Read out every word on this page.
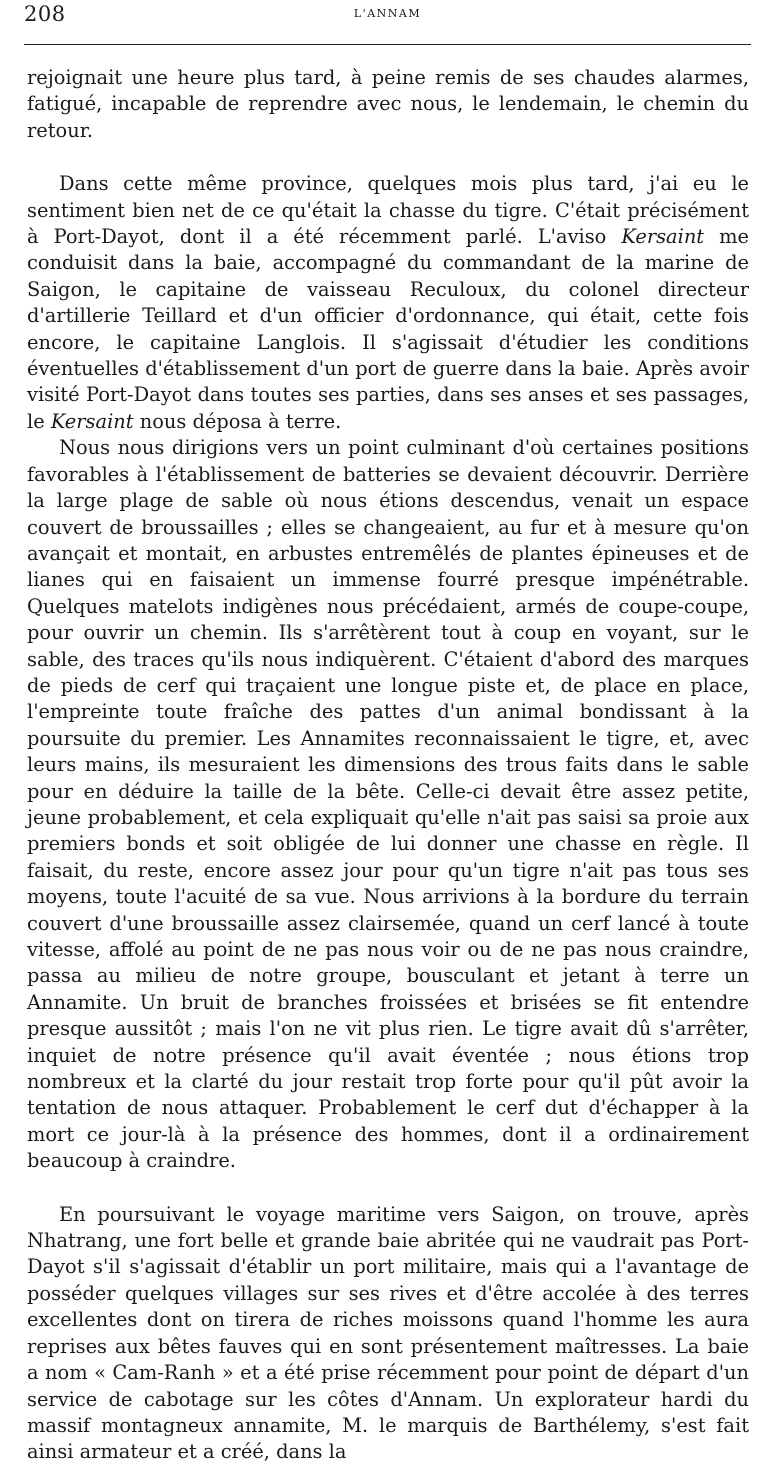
208	L'ANNAM

rejoignait une heure plus tard, à peine remis de ses chaudes alarmes, fatigué, incapable de reprendre avec nous, le lendemain, le chemin du retour.

Dans cette même province, quelques mois plus tard, j'ai eu le sentiment bien net de ce qu'était la chasse du tigre. C'était précisément à Port-Dayot, dont il a été récemment parlé. L'aviso Kersaint me conduisit dans la baie, accompagné du commandant de la marine de Saigon, le capitaine de vaisseau Reculoux, du colonel directeur d'artillerie Teillard et d'un officier d'ordonnance, qui était, cette fois encore, le capitaine Langlois. Il s'agissait d'étudier les conditions éventuelles d'établissement d'un port de guerre dans la baie. Après avoir visité Port-Dayot dans toutes ses parties, dans ses anses et ses passages, le Kersaint nous déposa à terre.

Nous nous dirigions vers un point culminant d'où certaines positions favorables à l'établissement de batteries se devaient découvrir. Derrière la large plage de sable où nous étions descendus, venait un espace couvert de broussailles ; elles se changeaient, au fur et à mesure qu'on avançait et montait, en arbustes entremêlés de plantes épineuses et de lianes qui en faisaient un immense fourré presque impénétrable. Quelques matelots indigènes nous précédaient, armés de coupe-coupe, pour ouvrir un chemin. Ils s'arrêtèrent tout à coup en voyant, sur le sable, des traces qu'ils nous indiquèrent. C'étaient d'abord des marques de pieds de cerf qui traçaient une longue piste et, de place en place, l'empreinte toute fraîche des pattes d'un animal bondissant à la poursuite du premier. Les Annamites reconnaissaient le tigre, et, avec leurs mains, ils mesuraient les dimensions des trous faits dans le sable pour en déduire la taille de la bête. Celle-ci devait être assez petite, jeune probablement, et cela expliquait qu'elle n'ait pas saisi sa proie aux premiers bonds et soit obligée de lui donner une chasse en règle. Il faisait, du reste, encore assez jour pour qu'un tigre n'ait pas tous ses moyens, toute l'acuité de sa vue. Nous arrivions à la bordure du terrain couvert d'une broussaille assez clairsemée, quand un cerf lancé à toute vitesse, affolé au point de ne pas nous voir ou de ne pas nous craindre, passa au milieu de notre groupe, bousculant et jetant à terre un Annamite. Un bruit de branches froissées et brisées se fit entendre presque aussitôt ; mais l'on ne vit plus rien. Le tigre avait dû s'arrêter, inquiet de notre présence qu'il avait éventée ; nous étions trop nombreux et la clarté du jour restait trop forte pour qu'il pût avoir la tentation de nous attaquer. Probablement le cerf dut d'échapper à la mort ce jour-là à la présence des hommes, dont il a ordinairement beaucoup à craindre.

En poursuivant le voyage maritime vers Saigon, on trouve, après Nhatrang, une fort belle et grande baie abritée qui ne vaudrait pas Port-Dayot s'il s'agissait d'établir un port militaire, mais qui a l'avantage de posséder quelques villages sur ses rives et d'être accolée à des terres excellentes dont on tirera de riches moissons quand l'homme les aura reprises aux bêtes fauves qui en sont présentement maîtresses. La baie a nom « Cam-Ranh » et a été prise récemment pour point de départ d'un service de cabotage sur les côtes d'Annam. Un explorateur hardi du massif montagneux annamite, M. le marquis de Barthélemy, s'est fait ainsi armateur et a créé, dans la
